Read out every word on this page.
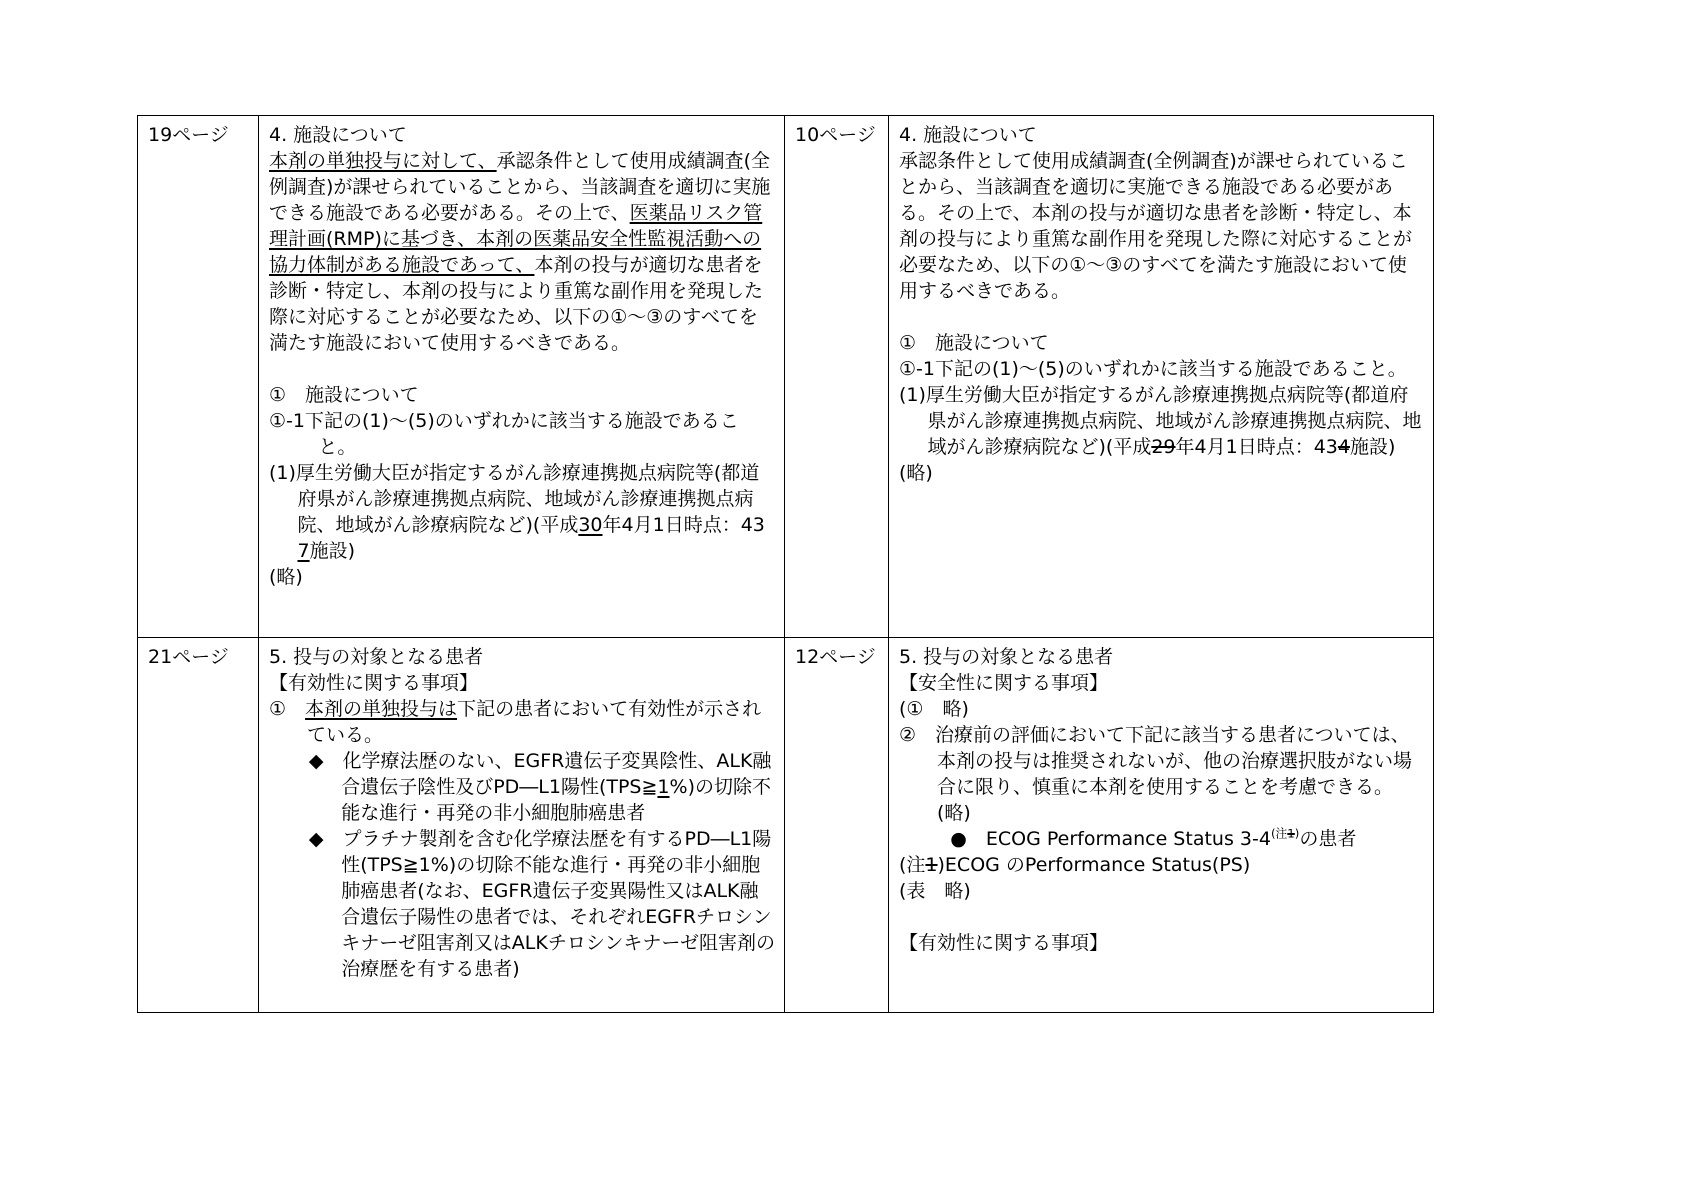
19ページ	4. 施設について
本剤の単独投与に対して、承認条件として使用成績調査(全例調査)が課せられていることから、当該調査を適切に実施できる施設である必要がある。その上で、医薬品リスク管理計画(RMP)に基づき、本剤の医薬品安全性監視活動への協力体制がある施設であって、本剤の投与が適切な患者を診断・特定し、本剤の投与により重篤な副作用を発現した際に対応することが必要なため、以下の①～③のすべてを満たす施設において使用するべきである。

①　施設について
①-1下記の(1)～(5)のいずれかに該当する施設であること。
(1)厚生労働大臣が指定するがん診療連携拠点病院等(都道府県がん診療連携拠点病院、地域がん診療連携拠点病院、地域がん診療病院など)(平成30年4月1日時点：437施設)
(略)
	10ページ	4. 施設について
承認条件として使用成績調査(全例調査)が課せられていることから、当該調査を適切に実施できる施設である必要がある。その上で、本剤の投与が適切な患者を診断・特定し、本剤の投与により重篤な副作用を発現した際に対応することが必要なため、以下の①～③のすべてを満たす施設において使用するべきである。

①　施設について
①-1下記の(1)～(5)のいずれかに該当する施設であること。
(1)厚生労働大臣が指定するがん診療連携拠点病院等(都道府県がん診療連携拠点病院、地域がん診療連携拠点病院、地域がん診療病院など)(平成29年4月1日時点：434施設)
(略)

21ページ	5. 投与の対象となる患者
【有効性に関する事項】
①　本剤の単独投与は下記の患者において有効性が示されている。
◆　化学療法歴のない、EGFR遺伝子変異陰性、ALK融合遺伝子陰性及びPD―L1陽性(TPS≧1%)の切除不能な進行・再発の非小細胞肺癌患者
◆　プラチナ製剤を含む化学療法歴を有するPD―L1陽性(TPS≧1%)の切除不能な進行・再発の非小細胞肺癌患者(なお、EGFR遺伝子変異陽性又はALK融合遺伝子陽性の患者では、それぞれEGFRチロシンキナーゼ阻害剤又はALKチロシンキナーゼ阻害剤の治療歴を有する患者)
	12ページ	5. 投与の対象となる患者
【安全性に関する事項】
(①　略)
②　治療前の評価において下記に該当する患者については、本剤の投与は推奨されないが、他の治療選択肢がない場合に限り、慎重に本剤を使用することを考慮できる。
(略)
●　ECOG Performance Status $3-4^{(注1)}$の患者
(注1)ECOG のPerformance Status(PS)
(表　略)

【有効性に関する事項】
